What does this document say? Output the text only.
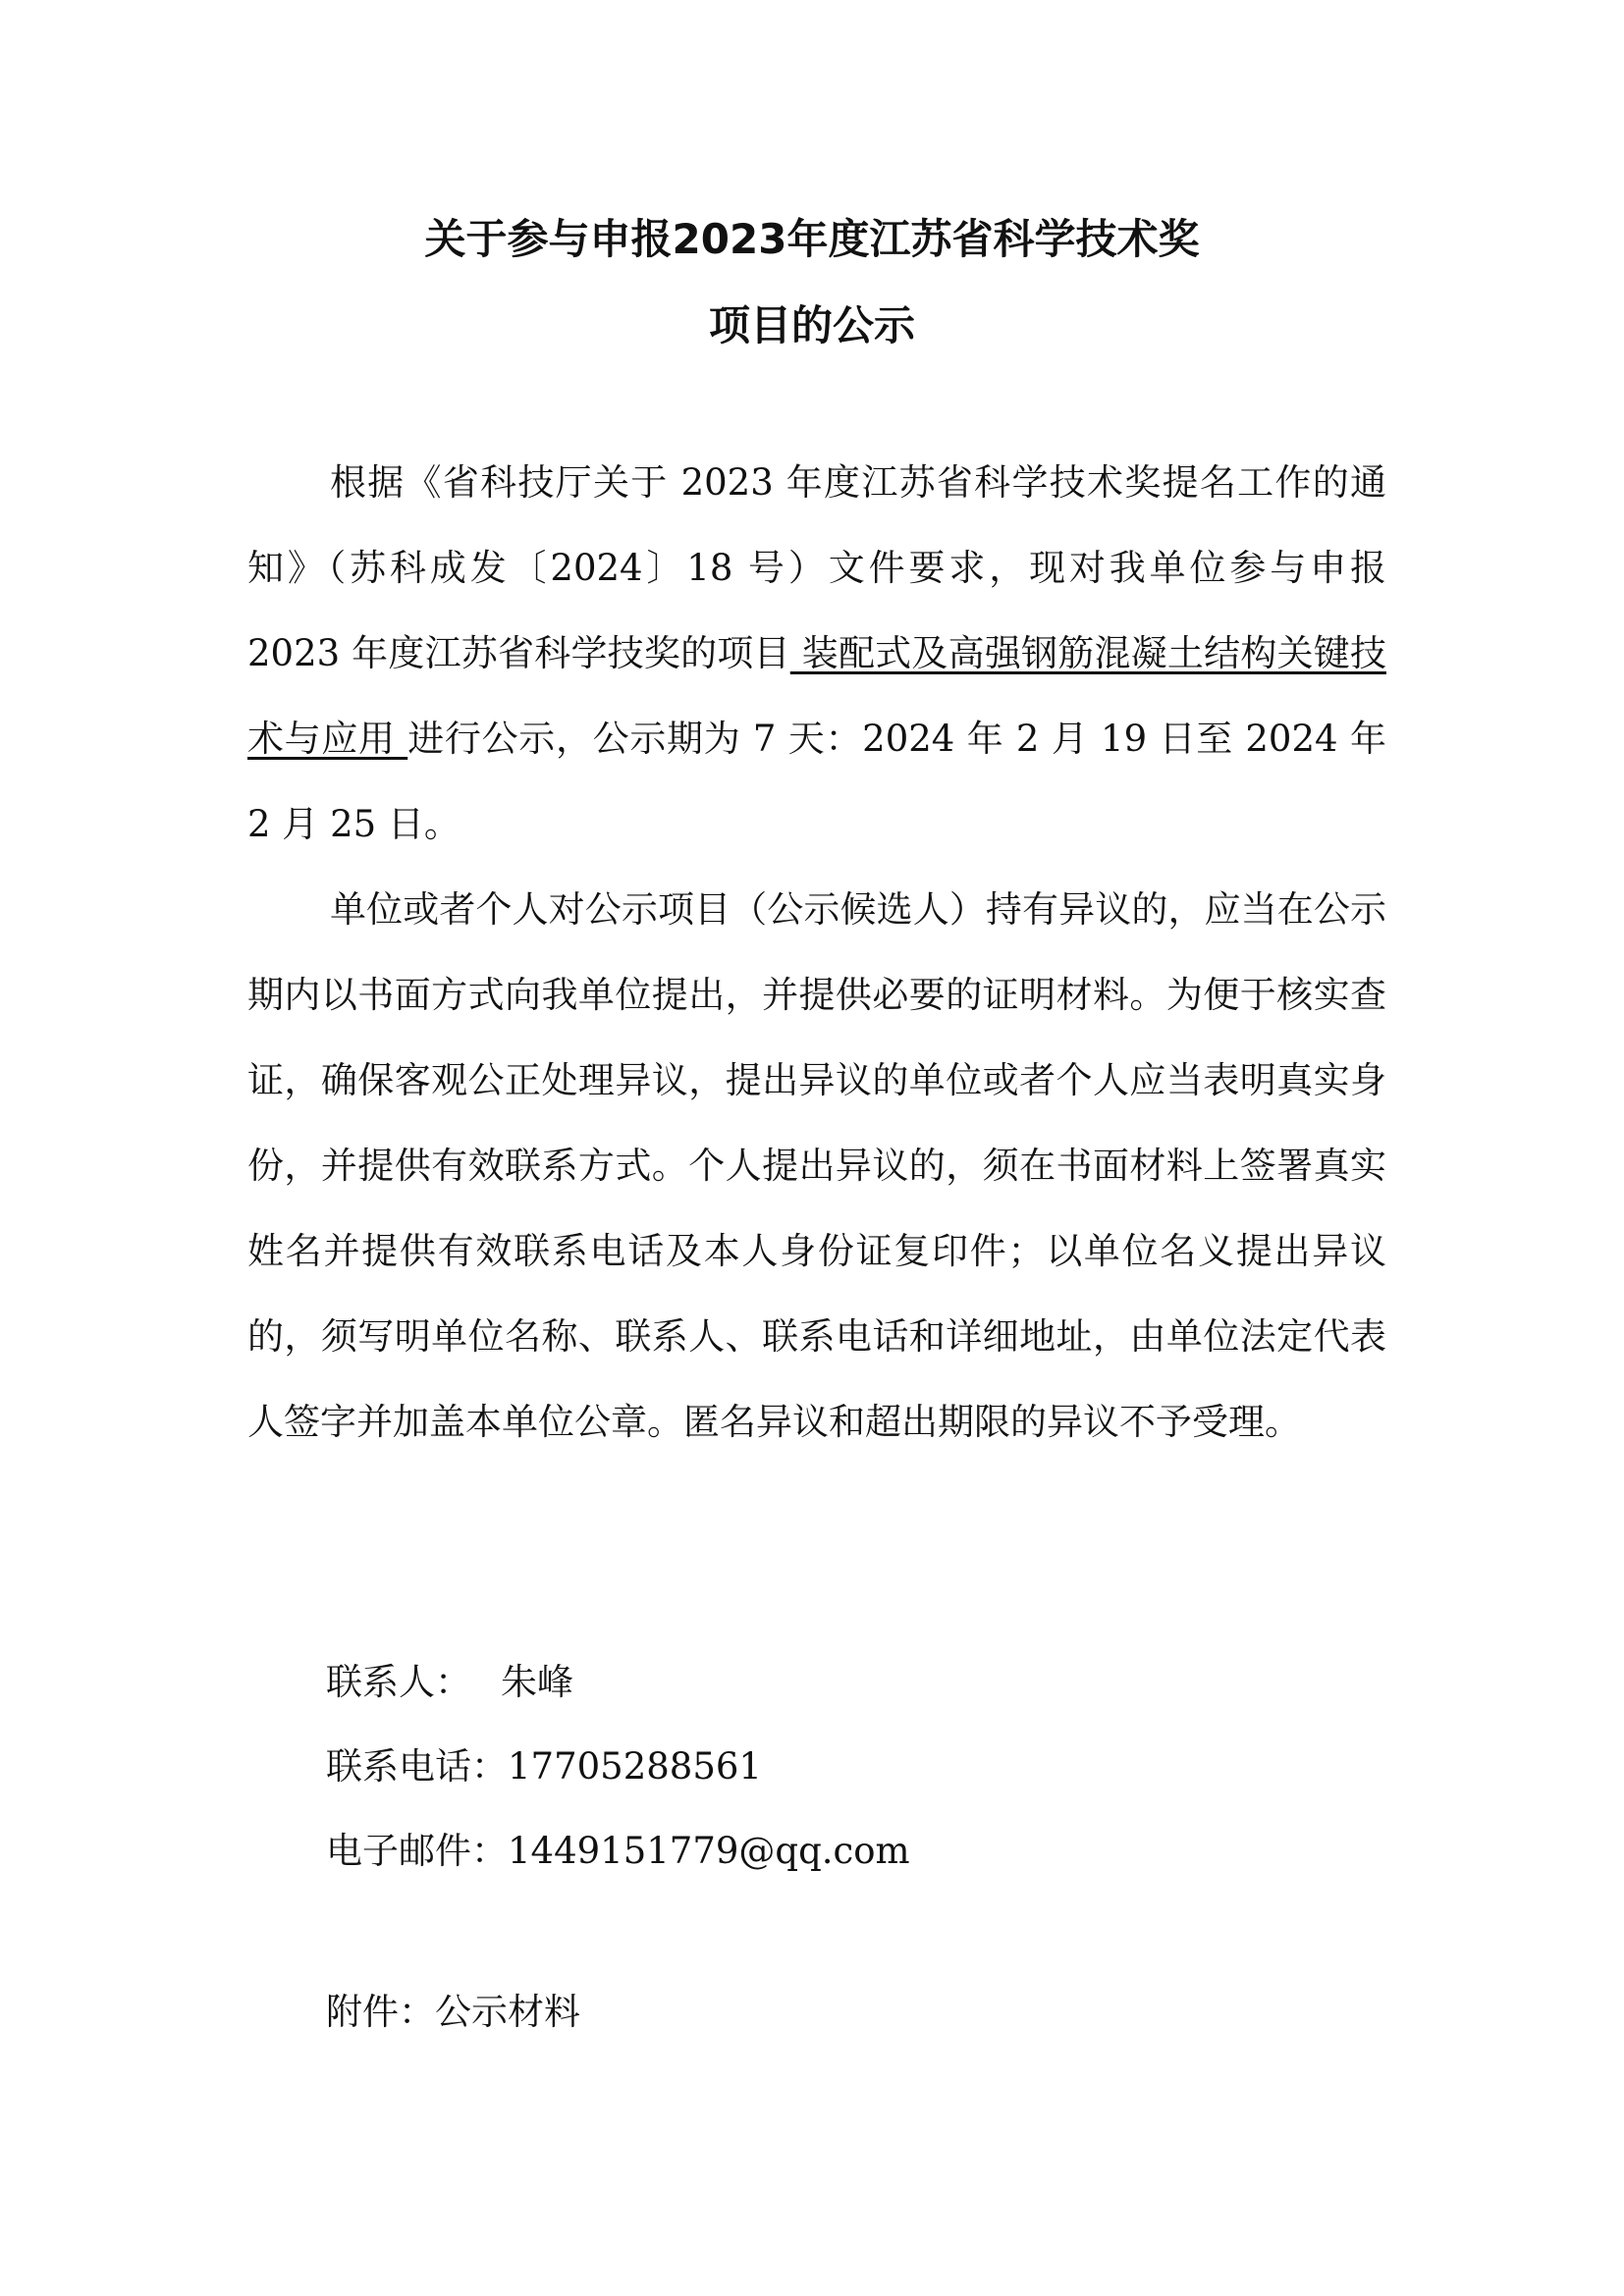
关于参与申报2023年度江苏省科学技术奖
项目的公示

根据《省科技厅关于 2023 年度江苏省科学技术奖提名工作的通知》（苏科成发〔2024〕18 号）文件要求，现对我单位参与申报 2023 年度江苏省科学技奖的项目 装配式及高强钢筋混凝土结构关键技术与应用 进行公示，公示期为 7 天：2024 年 2 月 19 日至 2024 年 2 月 25 日。

单位或者个人对公示项目（公示候选人）持有异议的，应当在公示期内以书面方式向我单位提出，并提供必要的证明材料。为便于核实查证，确保客观公正处理异议，提出异议的单位或者个人应当表明真实身份，并提供有效联系方式。个人提出异议的，须在书面材料上签署真实姓名并提供有效联系电话及本人身份证复印件；以单位名义提出异议的，须写明单位名称、联系人、联系电话和详细地址，由单位法定代表人签字并加盖本单位公章。匿名异议和超出期限的异议不予受理。

联系人： 朱峰
联系电话：17705288561
电子邮件：1449151779@qq.com
附件：公示材料
